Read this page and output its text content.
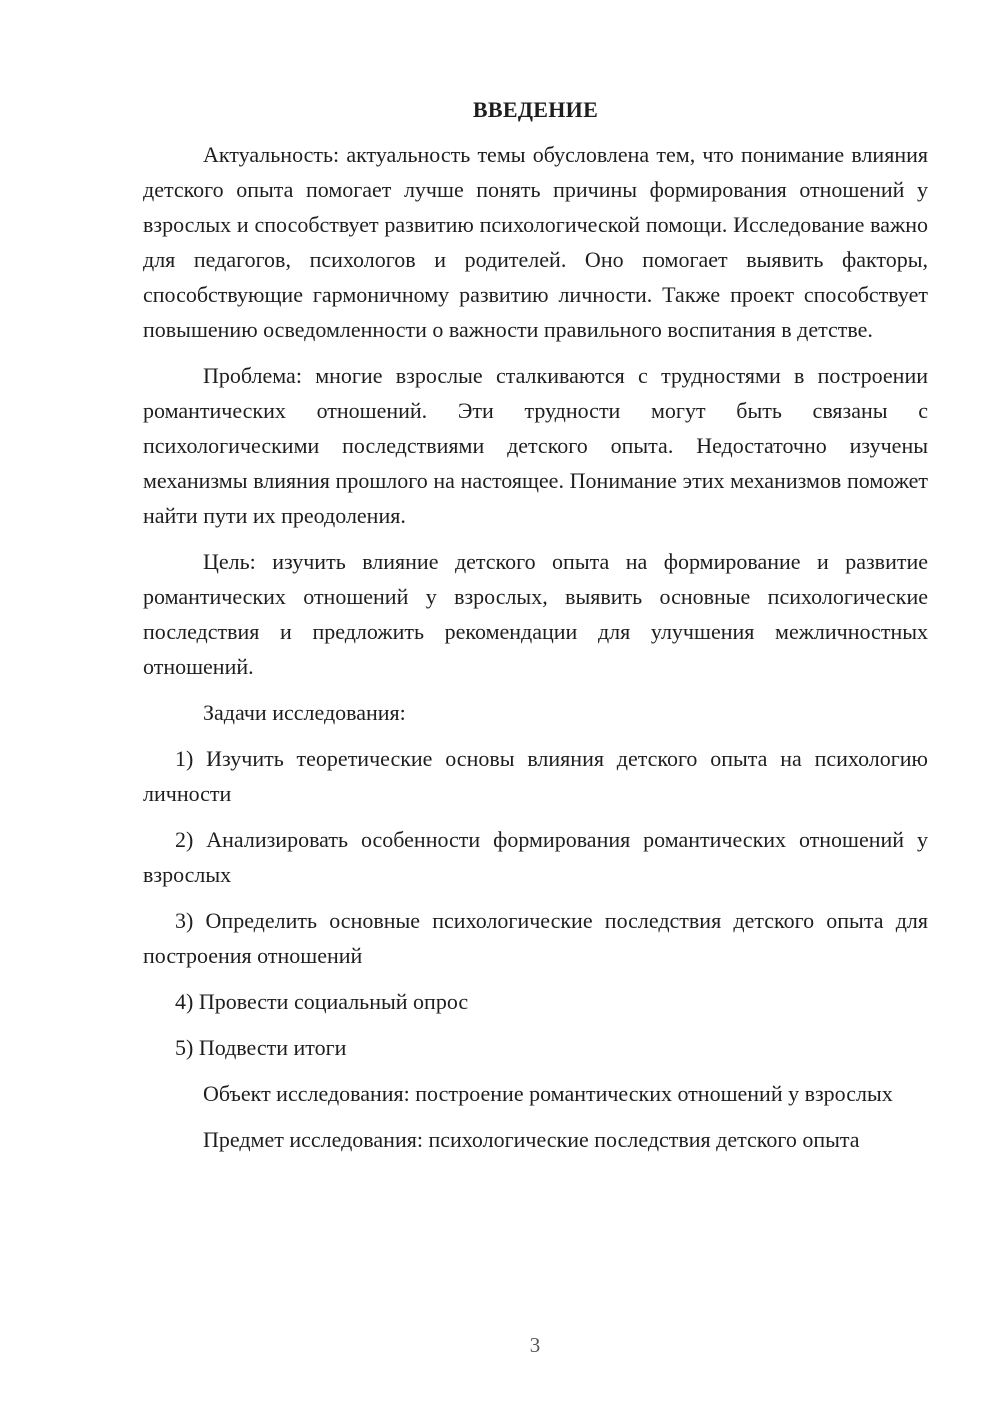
ВВЕДЕНИЕ

Актуальность: актуальность темы обусловлена тем, что понимание влияния детского опыта помогает лучше понять причины формирования отношений у взрослых и способствует развитию психологической помощи. Исследование важно для педагогов, психологов и родителей. Оно помогает выявить факторы, способствующие гармоничному развитию личности. Также проект способствует повышению осведомленности о важности правильного воспитания в детстве.

Проблема: многие взрослые сталкиваются с трудностями в построении романтических отношений. Эти трудности могут быть связаны с психологическими последствиями детского опыта. Недостаточно изучены механизмы влияния прошлого на настоящее. Понимание этих механизмов поможет найти пути их преодоления.

Цель: изучить влияние детского опыта на формирование и развитие романтических отношений у взрослых, выявить основные психологические последствия и предложить рекомендации для улучшения межличностных отношений.

Задачи исследования:

1) Изучить теоретические основы влияния детского опыта на психологию личности
2) Анализировать особенности формирования романтических отношений у взрослых
3) Определить основные психологические последствия детского опыта для построения отношений
4) Провести социальный опрос
5) Подвести итоги

Объект исследования: построение романтических отношений у взрослых

Предмет исследования: психологические последствия детского опыта

3
